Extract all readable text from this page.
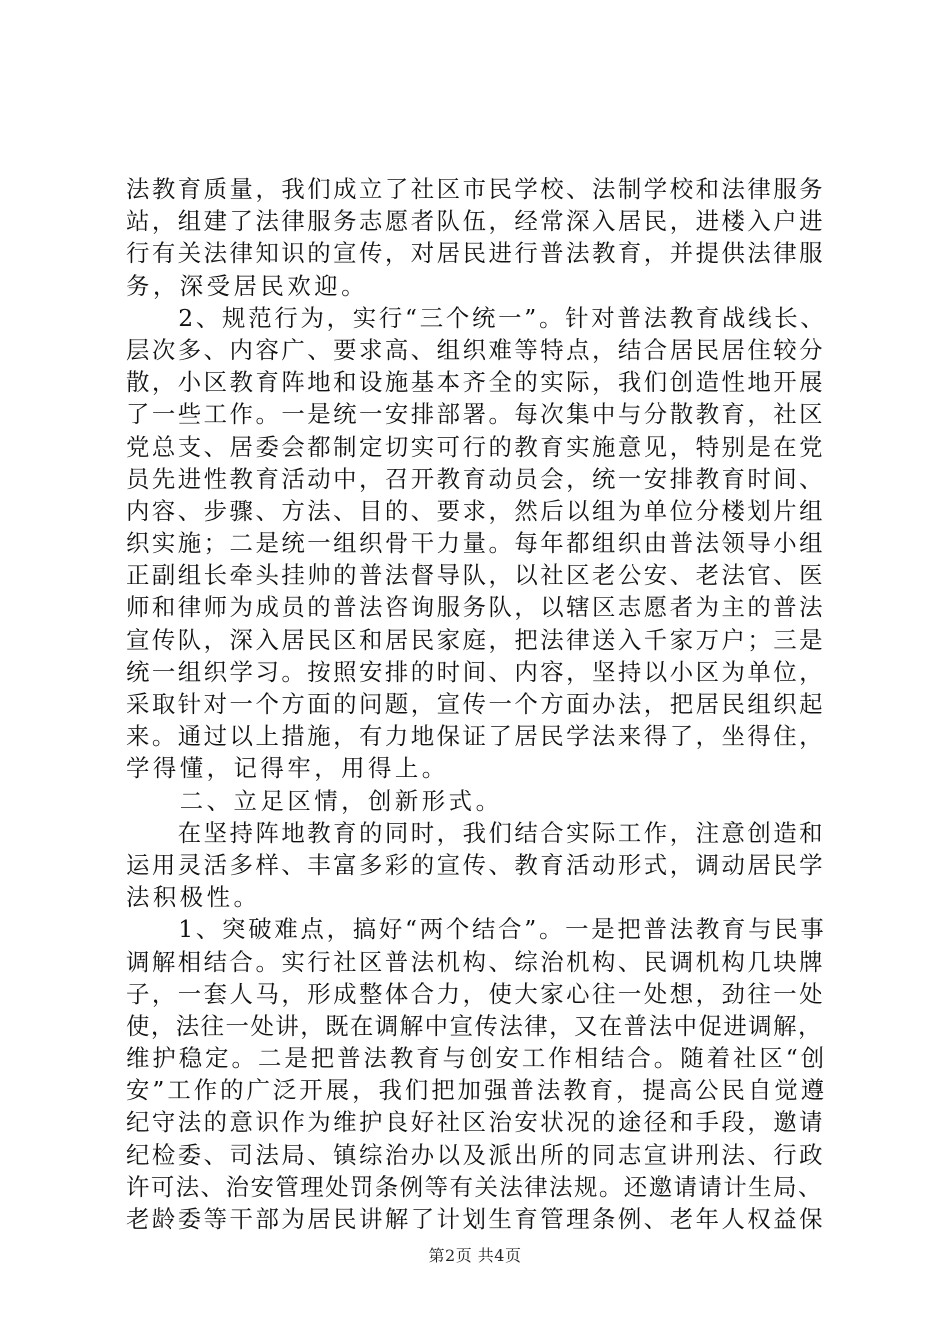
法教育质量，我们成立了社区市民学校、法制学校和法律服务
站，组建了法律服务志愿者队伍，经常深入居民，进楼入户进
行有关法律知识的宣传，对居民进行普法教育，并提供法律服
务，深受居民欢迎。
　　2、规范行为，实行“三个统一”。针对普法教育战线长、
层次多、内容广、要求高、组织难等特点，结合居民居住较分
散，小区教育阵地和设施基本齐全的实际，我们创造性地开展
了一些工作。一是统一安排部署。每次集中与分散教育，社区
党总支、居委会都制定切实可行的教育实施意见，特别是在党
员先进性教育活动中，召开教育动员会，统一安排教育时间、
内容、步骤、方法、目的、要求，然后以组为单位分楼划片组
织实施；二是统一组织骨干力量。每年都组织由普法领导小组
正副组长牵头挂帅的普法督导队，以社区老公安、老法官、医
师和律师为成员的普法咨询服务队，以辖区志愿者为主的普法
宣传队，深入居民区和居民家庭，把法律送入千家万户；三是
统一组织学习。按照安排的时间、内容，坚持以小区为单位，
采取针对一个方面的问题，宣传一个方面办法，把居民组织起
来。通过以上措施，有力地保证了居民学法来得了，坐得住，
学得懂，记得牢，用得上。
　　二、立足区情，创新形式。
　　在坚持阵地教育的同时，我们结合实际工作，注意创造和
运用灵活多样、丰富多彩的宣传、教育活动形式，调动居民学
法积极性。
　　1、突破难点，搞好“两个结合”。一是把普法教育与民事
调解相结合。实行社区普法机构、综治机构、民调机构几块牌
子，一套人马，形成整体合力，使大家心往一处想，劲往一处
使，法往一处讲，既在调解中宣传法律，又在普法中促进调解，
维护稳定。二是把普法教育与创安工作相结合。随着社区“创
安”工作的广泛开展，我们把加强普法教育，提高公民自觉遵
纪守法的意识作为维护良好社区治安状况的途径和手段，邀请
纪检委、司法局、镇综治办以及派出所的同志宣讲刑法、行政
许可法、治安管理处罚条例等有关法律法规。还邀请请计生局、
老龄委等干部为居民讲解了计划生育管理条例、老年人权益保
第2页 共4页
